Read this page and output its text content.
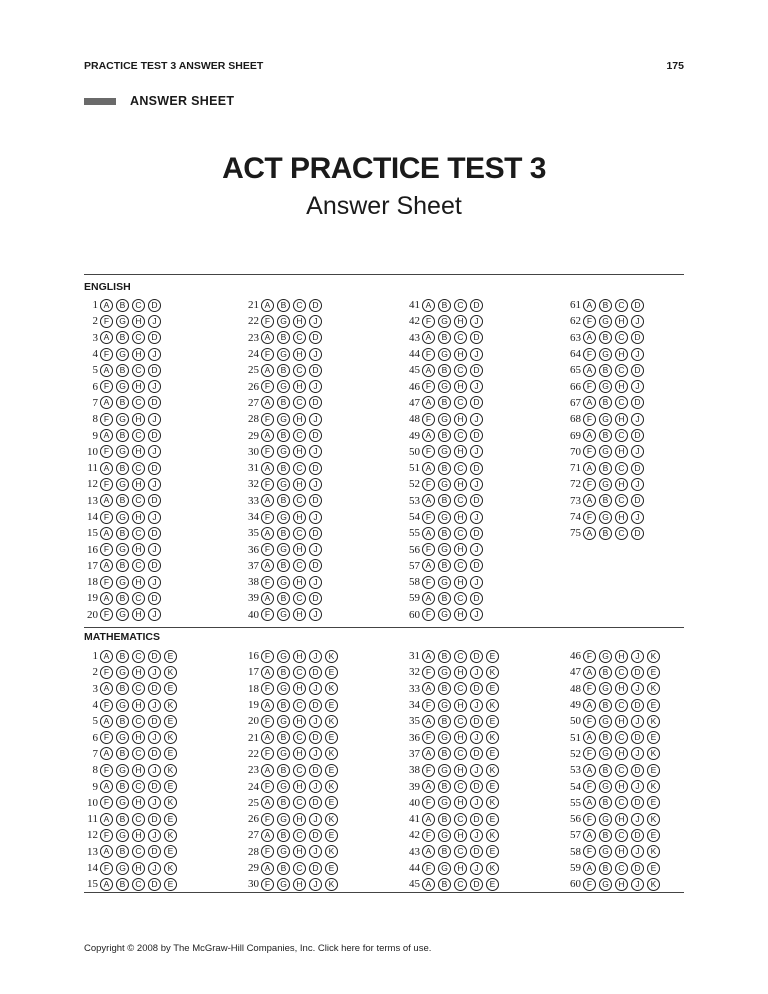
PRACTICE TEST 3 ANSWER SHEET	175
ANSWER SHEET
ACT PRACTICE TEST 3
Answer Sheet
ENGLISH
1 A	B	C	D
2 F	G	H	J
3 A	B	C	D
4 F	G	H	J
5 A	B	C	D
6 F	G	H	J
7 A	B	C	D
8 F	G	H	J
9 A	B	C	D
10 F	G	H	J
11 A	B	C	D
12 F	G	H	J
13 A	B	C	D
14 F	G	H	J
15 A	B	C	D
16 F	G	H	J
17 A	B	C	D
18 F	G	H	J
19 A	B	C	D
20 F	G	H	J
21 A	B	C	D
22 F	G	H	J
23 A	B	C	D
24 F	G	H	J
25 A	B	C	D
26 F	G	H	J
27 A	B	C	D
28 F	G	H	J
29 A	B	C	D
30 F	G	H	J
31 A	B	C	D
32 F	G	H	J
33 A	B	C	D
34 F	G	H	J
35 A	B	C	D
36 F	G	H	J
37 A	B	C	D
38 F	G	H	J
39 A	B	C	D
40 F	G	H	J
41 A	B	C	D
42 F	G	H	J
43 A	B	C	D
44 F	G	H	J
45 A	B	C	D
46 F	G	H	J
47 A	B	C	D
48 F	G	H	J
49 A	B	C	D
50 F	G	H	J
51 A	B	C	D
52 F	G	H	J
53 A	B	C	D
54 F	G	H	J
55 A	B	C	D
56 F	G	H	J
57 A	B	C	D
58 F	G	H	J
59 A	B	C	D
60 F	G	H	J
61 A	B	C	D
62 F	G	H	J
63 A	B	C	D
64 F	G	H	J
65 A	B	C	D
66 F	G	H	J
67 A	B	C	D
68 F	G	H	J
69 A	B	C	D
70 F	G	H	J
71 A	B	C	D
72 F	G	H	J
73 A	B	C	D
74 F	G	H	J
75 A	B	C	D
MATHEMATICS
1 A	B	C	D	E
2 F	G	H	J	K
3 A	B	C	D	E
4 F	G	H	J	K
5 A	B	C	D	E
6 F	G	H	J	K
7 A	B	C	D	E
8 F	G	H	J	K
9 A	B	C	D	E
10 F	G	H	J	K
11 A	B	C	D	E
12 F	G	H	J	K
13 A	B	C	D	E
14 F	G	H	J	K
15 A	B	C	D	E
16 F	G	H	J	K
17 A	B	C	D	E
18 F	G	H	J	K
19 A	B	C	D	E
20 F	G	H	J	K
21 A	B	C	D	E
22 F	G	H	J	K
23 A	B	C	D	E
24 F	G	H	J	K
25 A	B	C	D	E
26 F	G	H	J	K
27 A	B	C	D	E
28 F	G	H	J	K
29 A	B	C	D	E
30 F	G	H	J	K
31 A	B	C	D	E
32 F	G	H	J	K
33 A	B	C	D	E
34 F	G	H	J	K
35 A	B	C	D	E
36 F	G	H	J	K
37 A	B	C	D	E
38 F	G	H	J	K
39 A	B	C	D	E
40 F	G	H	J	K
41 A	B	C	D	E
42 F	G	H	J	K
43 A	B	C	D	E
44 F	G	H	J	K
45 A	B	C	D	E
46 F	G	H	J	K
47 A	B	C	D	E
48 F	G	H	J	K
49 A	B	C	D	E
50 F	G	H	J	K
51 A	B	C	D	E
52 F	G	H	J	K
53 A	B	C	D	E
54 F	G	H	J	K
55 A	B	C	D	E
56 F	G	H	J	K
57 A	B	C	D	E
58 F	G	H	J	K
59 A	B	C	D	E
60 F	G	H	J	K
Copyright © 2008 by The McGraw-Hill Companies, Inc. Click here for terms of use.
